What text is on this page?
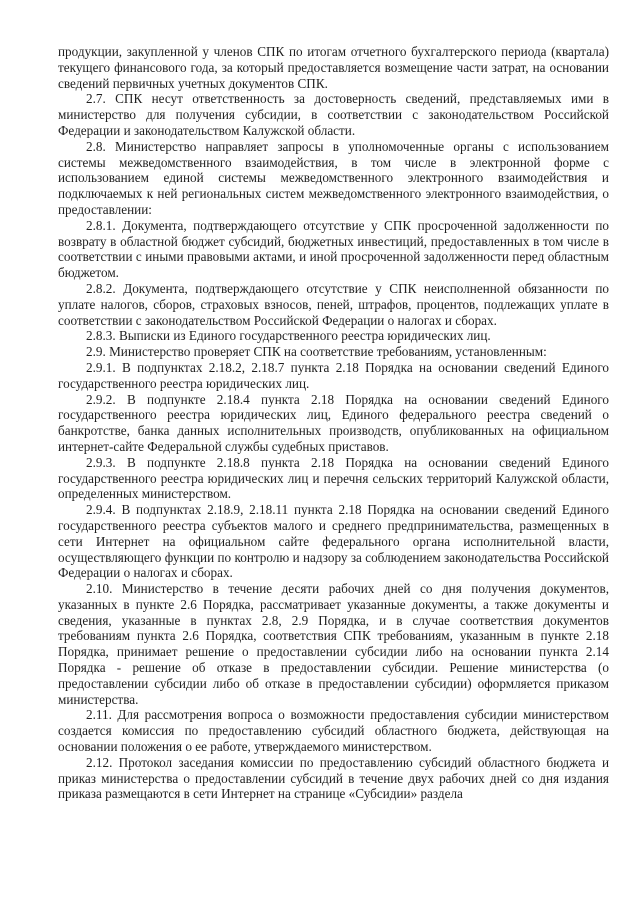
продукции, закупленной у членов СПК по итогам отчетного бухгалтерского периода (квартала) текущего финансового года, за который предоставляется возмещение части затрат, на основании сведений первичных учетных документов СПК.

2.7. СПК несут ответственность за достоверность сведений, представляемых ими в министерство для получения субсидии, в соответствии с законодательством Российской Федерации и законодательством Калужской области.

2.8. Министерство направляет запросы в уполномоченные органы с использованием системы межведомственного взаимодействия, в том числе в электронной форме с использованием единой системы межведомственного электронного взаимодействия и подключаемых к ней региональных систем межведомственного электронного взаимодействия, о предоставлении:

2.8.1. Документа, подтверждающего отсутствие у СПК просроченной задолженности по возврату в областной бюджет субсидий, бюджетных инвестиций, предоставленных в том числе в соответствии с иными правовыми актами, и иной просроченной задолженности перед областным бюджетом.

2.8.2. Документа, подтверждающего отсутствие у СПК неисполненной обязанности по уплате налогов, сборов, страховых взносов, пеней, штрафов, процентов, подлежащих уплате в соответствии с законодательством Российской Федерации о налогах и сборах.

2.8.3. Выписки из Единого государственного реестра юридических лиц.

2.9. Министерство проверяет СПК на соответствие требованиям, установленным:

2.9.1. В подпунктах 2.18.2, 2.18.7 пункта 2.18 Порядка на основании сведений Единого государственного реестра юридических лиц.

2.9.2. В подпункте 2.18.4 пункта 2.18 Порядка на основании сведений Единого государственного реестра юридических лиц, Единого федерального реестра сведений о банкротстве, банка данных исполнительных производств, опубликованных на официальном интернет-сайте Федеральной службы судебных приставов.

2.9.3. В подпункте 2.18.8 пункта 2.18 Порядка на основании сведений Единого государственного реестра юридических лиц и перечня сельских территорий Калужской области, определенных министерством.

2.9.4. В подпунктах 2.18.9, 2.18.11 пункта 2.18 Порядка на основании сведений Единого государственного реестра субъектов малого и среднего предпринимательства, размещенных в сети Интернет на официальном сайте федерального органа исполнительной власти, осуществляющего функции по контролю и надзору за соблюдением законодательства Российской Федерации о налогах и сборах.

2.10. Министерство в течение десяти рабочих дней со дня получения документов, указанных в пункте 2.6 Порядка, рассматривает указанные документы, а также документы и сведения, указанные в пунктах 2.8, 2.9 Порядка, и в случае соответствия документов требованиям пункта 2.6 Порядка, соответствия СПК требованиям, указанным в пункте 2.18 Порядка, принимает решение о предоставлении субсидии либо на основании пункта 2.14 Порядка - решение об отказе в предоставлении субсидии. Решение министерства (о предоставлении субсидии либо об отказе в предоставлении субсидии) оформляется приказом министерства.

2.11. Для рассмотрения вопроса о возможности предоставления субсидии министерством создается комиссия по предоставлению субсидий областного бюджета, действующая на основании положения о ее работе, утверждаемого министерством.

2.12. Протокол заседания комиссии по предоставлению субсидий областного бюджета и приказ министерства о предоставлении субсидий в течение двух рабочих дней со дня издания приказа размещаются в сети Интернет на странице «Субсидии» раздела
